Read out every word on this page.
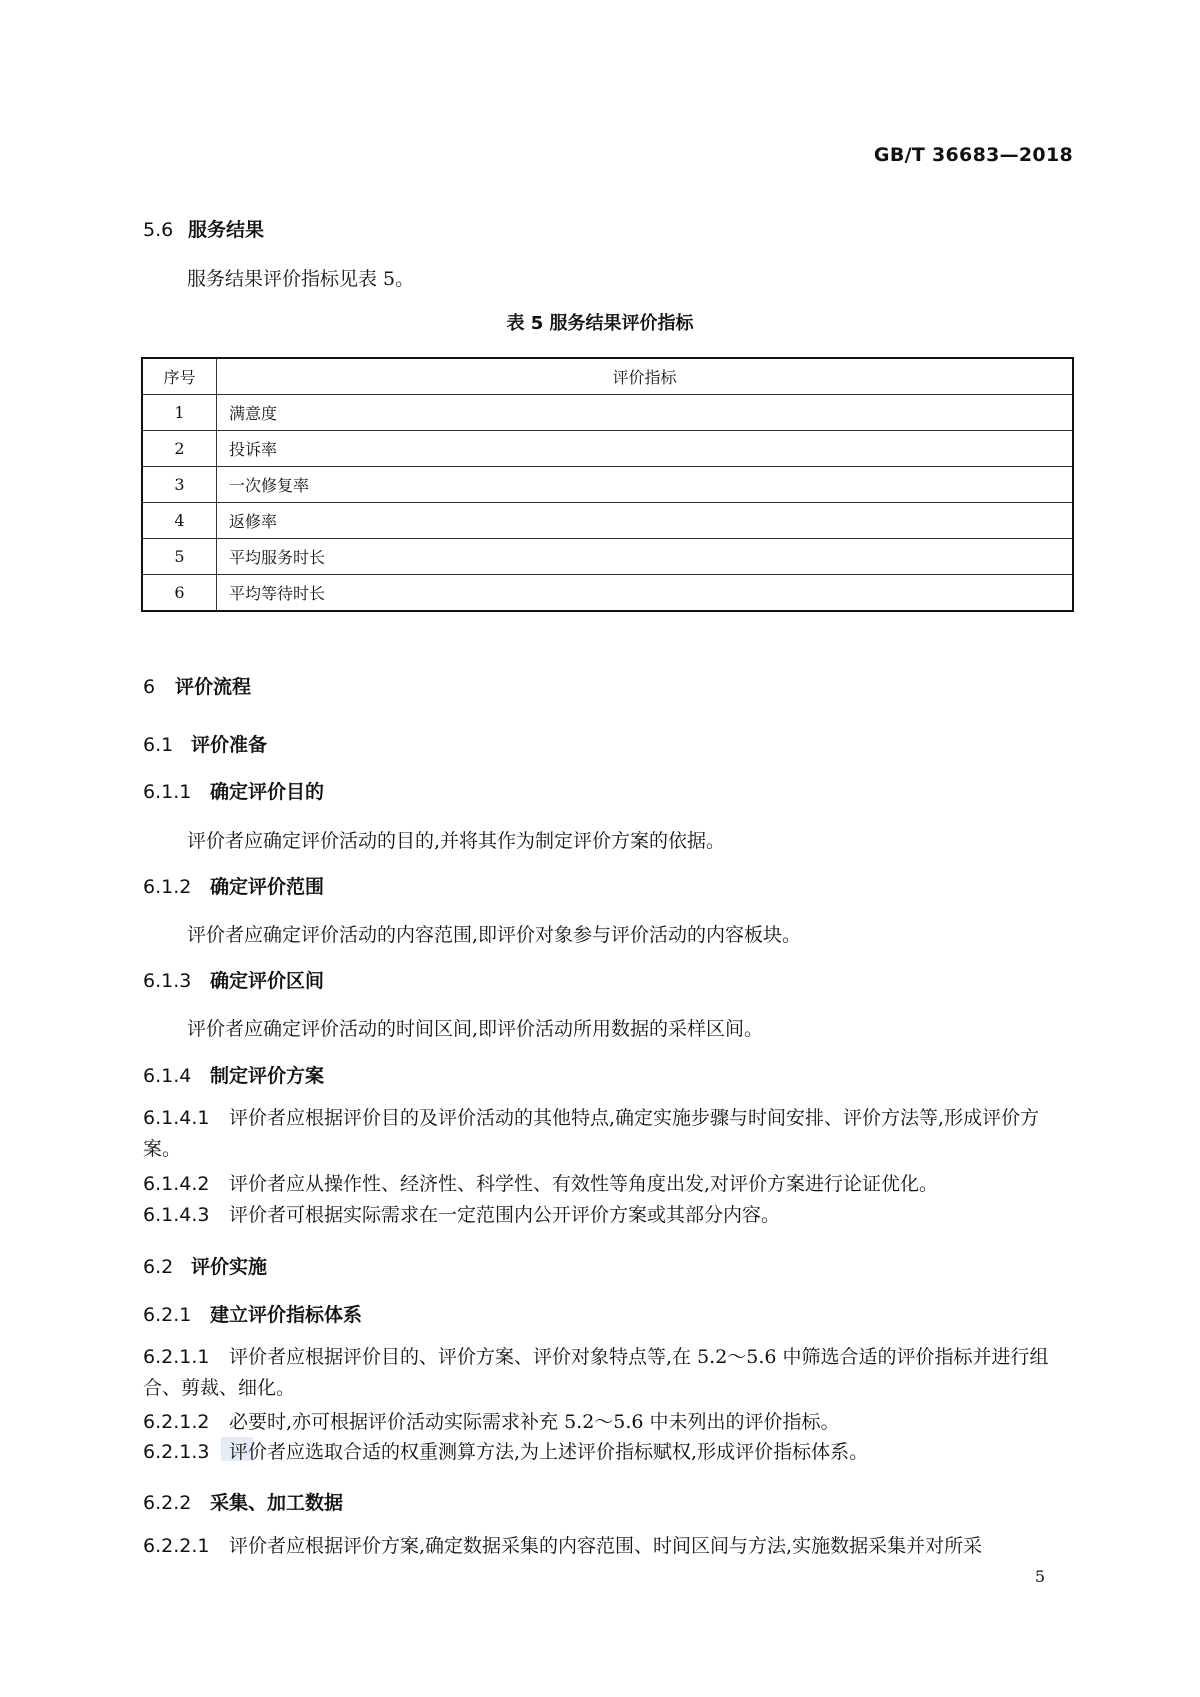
GB/T 36683—2018
5.6 服务结果
服务结果评价指标见表 5。
表 5 服务结果评价指标
序号	评价指标
1	满意度
2	投诉率
3	一次修复率
4	返修率
5	平均服务时长
6	平均等待时长
6 评价流程
6.1 评价准备
6.1.1 确定评价目的
评价者应确定评价活动的目的,并将其作为制定评价方案的依据。
6.1.2 确定评价范围
评价者应确定评价活动的内容范围,即评价对象参与评价活动的内容板块。
6.1.3 确定评价区间
评价者应确定评价活动的时间区间,即评价活动所用数据的采样区间。
6.1.4 制定评价方案
6.1.4.1 评价者应根据评价目的及评价活动的其他特点,确定实施步骤与时间安排、评价方法等,形成评价方案。
6.1.4.2 评价者应从操作性、经济性、科学性、有效性等角度出发,对评价方案进行论证优化。
6.1.4.3 评价者可根据实际需求在一定范围内公开评价方案或其部分内容。
6.2 评价实施
6.2.1 建立评价指标体系
6.2.1.1 评价者应根据评价目的、评价方案、评价对象特点等,在 5.2～5.6 中筛选合适的评价指标并进行组合、剪裁、细化。
6.2.1.2 必要时,亦可根据评价活动实际需求补充 5.2～5.6 中未列出的评价指标。
6.2.1.3 评价者应选取合适的权重测算方法,为上述评价指标赋权,形成评价指标体系。
6.2.2 采集、加工数据
6.2.2.1 评价者应根据评价方案,确定数据采集的内容范围、时间区间与方法,实施数据采集并对所采
5
